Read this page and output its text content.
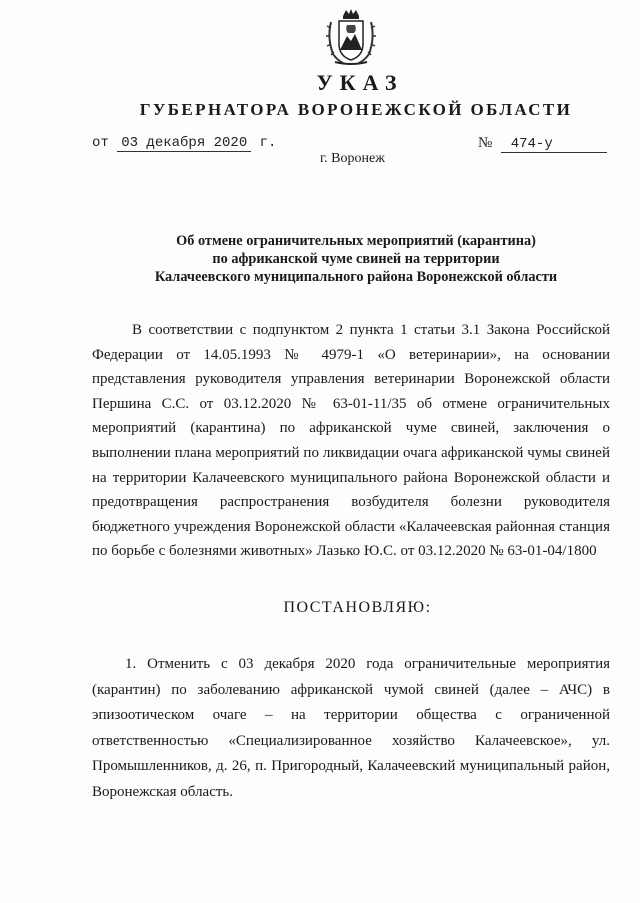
УКАЗ
ГУБЕРНАТОРА ВОРОНЕЖСКОЙ ОБЛАСТИ
от 03 декабря 2020 г.	№ 474-у
г. Воронеж
Об отмене ограничительных мероприятий (карантина)
по африканской чуме свиней на территории
Калачеевского муниципального района Воронежской области
В соответствии с подпунктом 2 пункта 1 статьи 3.1 Закона Российской Федерации от 14.05.1993 № 4979-1 «О ветеринарии», на основании представления руководителя управления ветеринарии Воронежской области Першина С.С. от 03.12.2020 № 63-01-11/35 об отмене ограничительных мероприятий (карантина) по африканской чуме свиней, заключения о выполнении плана мероприятий по ликвидации очага африканской чумы свиней на территории Калачеевского муниципального района Воронежской области и предотвращения распространения возбудителя болезни руководителя бюджетного учреждения Воронежской области «Калачеевская районная станция по борьбе с болезнями животных» Лазько Ю.С. от 03.12.2020 № 63-01-04/1800
ПОСТАНОВЛЯЮ:
1. Отменить с 03 декабря 2020 года ограничительные мероприятия (карантин) по заболеванию африканской чумой свиней (далее – АЧС) в эпизоотическом очаге – на территории общества с ограниченной ответственностью «Специализированное хозяйство Калачеевское», ул. Промышленников, д. 26, п. Пригородный, Калачеевский муниципальный район, Воронежская область.
